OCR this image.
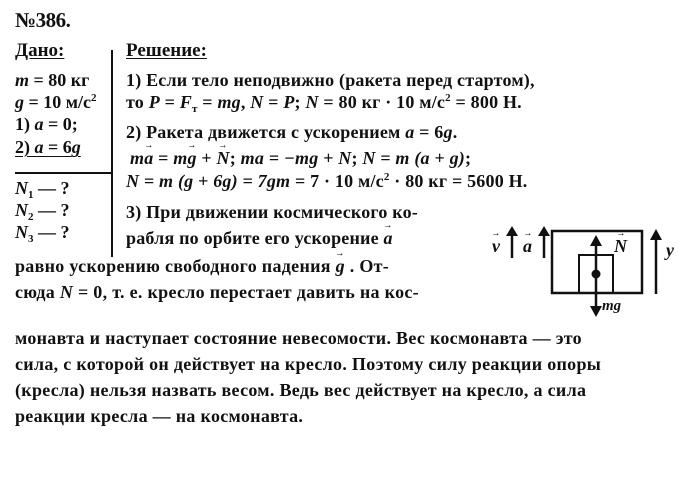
№386.
Дано:	Решение:
m = 80 кг
g = 10 $м/с^2$
1) a = 0;
2) a = 6g
$N_1$ — ?
$N_2$ — ?
$N_3$ — ?
1) Если тело неподвижно (ракета перед стартом),
то $P = F_т$ = mg, N = P; N = 80 кг · 10 $м/с^2 = 800$ Н.
2) Ракета движется с ускорением a = 6g.
m→ a = m→ g + → N; ma = −mg + N; N = m (a + g);
N = m (g + 6g) = 7gm = 7 · 10 $м/с^2 \cdot 80$ кг = 5600 Н.
3) При движении космического ко-
рабля по орбите его ускорение → a
равно ускорению свободного падения → g . От-
сюда N = 0, т. е. кресло перестает давить на кос-
монавта и наступает состояние невесомости. Вес космонавта — это
сила, с которой он действует на кресло. Поэтому силу реакции опоры
(кресла) нельзя назвать весом. Ведь вес действует на кресло, а сила
реакции кресла — на космонавта.
→ v → a	→ N
mg
y
